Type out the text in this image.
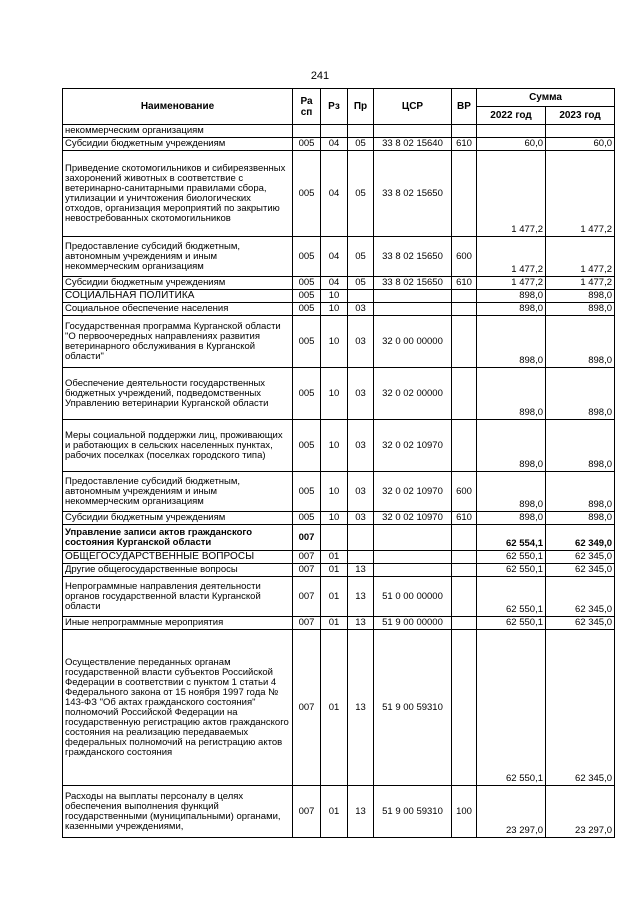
241
Наименование	Ра
сп	Рз	Пр	ЦСР	ВР	Сумма	
						2022 год	2023 год
некоммерческим организациям							
Субсидии бюджетным учреждениям	005	04	05	33 8 02 15640	610	60,0	60,0
Приведение скотомогильников и сибиреязвенных захоронений животных в соответствие с ветеринарно-санитарными правилами сбора, утилизации и уничтожения биологических отходов, организация мероприятий по закрытию невостребованных скотомогильников	005	04	05	33 8 02 15650		1 477,2	1 477,2
Предоставление субсидий бюджетным, автономным учреждениям и иным некоммерческим организациям	005	04	05	33 8 02 15650	600	1 477,2	1 477,2
Субсидии бюджетным учреждениям	005	04	05	33 8 02 15650	610	1 477,2	1 477,2
СОЦИАЛЬНАЯ ПОЛИТИКА	005	10				898,0	898,0
Социальное обеспечение населения	005	10	03			898,0	898,0
Государственная программа Курганской области "О первоочередных направлениях развития ветеринарного обслуживания в Курганской области"	005	10	03	32 0 00 00000		898,0	898,0
Обеспечение деятельности государственных бюджетных учреждений, подведомственных Управлению ветеринарии Курганской области	005	10	03	32 0 02 00000		898,0	898,0
Меры социальной поддержки лиц, проживающих и работающих в сельских населенных пунктах, рабочих поселках (поселках городского типа)	005	10	03	32 0 02 10970		898,0	898,0
Предоставление субсидий бюджетным, автономным учреждениям и иным некоммерческим организациям	005	10	03	32 0 02 10970	600	898,0	898,0
Субсидии бюджетным учреждениям	005	10	03	32 0 02 10970	610	898,0	898,0
Управление записи актов гражданского состояния Курганской области	007					62 554,1	62 349,0
ОБЩЕГОСУДАРСТВЕННЫЕ ВОПРОСЫ	007	01				62 550,1	62 345,0
Другие общегосударственные вопросы	007	01	13			62 550,1	62 345,0
Непрограммные направления деятельности органов государственной власти Курганской области	007	01	13	51 0 00 00000		62 550,1	62 345,0
Иные непрограммные мероприятия	007	01	13	51 9 00 00000		62 550,1	62 345,0
Осуществление переданных органам государственной власти субъектов Российской Федерации в соответствии с пунктом 1 статьи 4 Федерального закона от 15 ноября 1997 года № 143-ФЗ "Об актах гражданского состояния" полномочий Российской Федерации на государственную регистрацию актов гражданского состояния на реализацию передаваемых федеральных полномочий на регистрацию актов гражданского состояния	007	01	13	51 9 00 59310		62 550,1	62 345,0
Расходы на выплаты персоналу в целях обеспечения выполнения функций государственными (муниципальными) органами, казенными учреждениями,	007	01	13	51 9 00 59310	100	23 297,0	23 297,0
